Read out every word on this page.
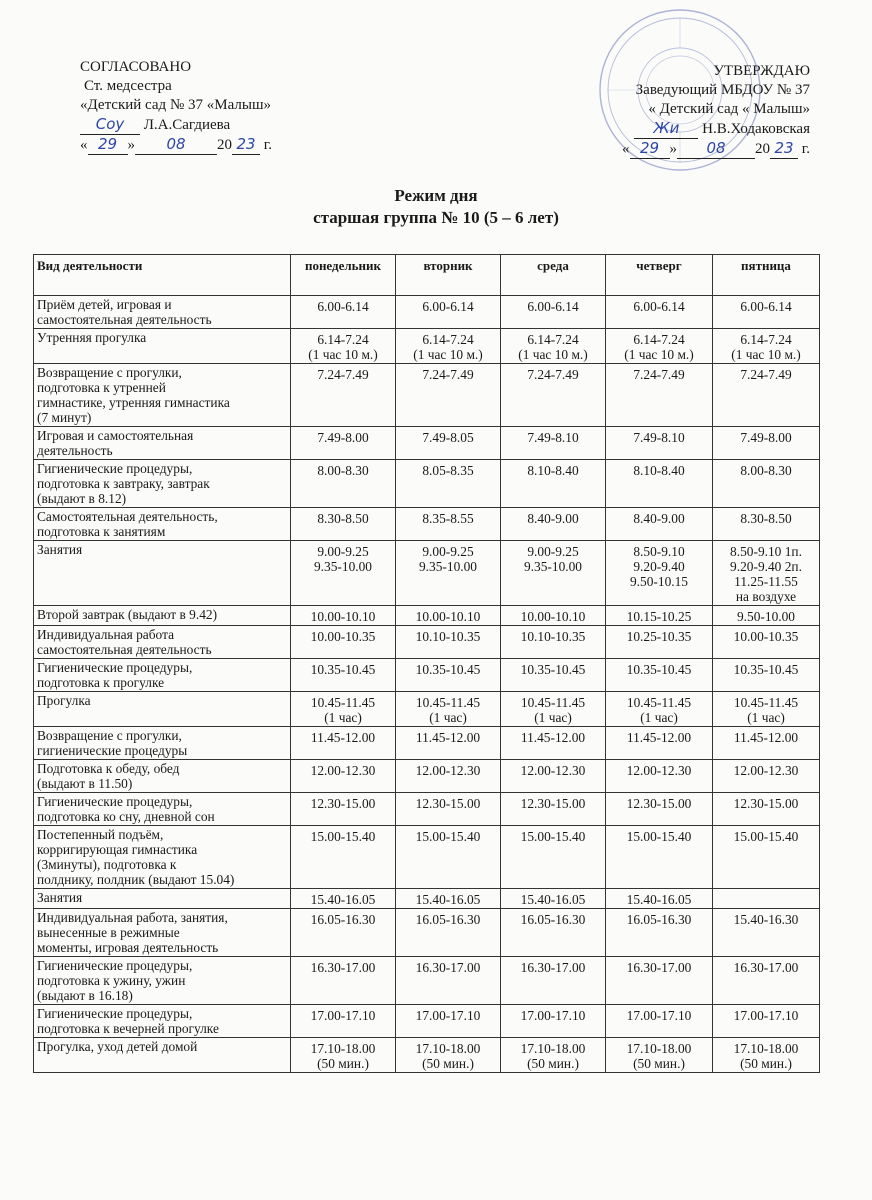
СОГЛАСОВАНО
Ст. медсестра
«Детский сад № 37 «Малыш»
Соу Л.А.Сагдиева
« 29 » 08 20 23 г.
УТВЕРЖДАЮ
Заведующий МБДОУ № 37
« Детский сад « Малыш»
Жи Н.В.Ходаковская
« 29 » 08 20 23 г.
Режим дня
старшая группа № 10 (5 – 6 лет)
Вид деятельности	понедельник	вторник	среда	четверг	пятница

Приём детей, игровая и
самостоятельная деятельность	6.00-6.14	6.00-6.14	6.00-6.14	6.00-6.14	6.00-6.14

Утренняя прогулка	6.14-7.24
(1 час 10 м.)	6.14-7.24
(1 час 10 м.)	6.14-7.24
(1 час 10 м.)	6.14-7.24
(1 час 10 м.)	6.14-7.24
(1 час 10 м.)

Возвращение с прогулки,
подготовка к утренней
гимнастике, утренняя гимнастика
(7 минут)	7.24-7.49	7.24-7.49	7.24-7.49	7.24-7.49	7.24-7.49

Игровая и самостоятельная
деятельность	7.49-8.00	7.49-8.05	7.49-8.10	7.49-8.10	7.49-8.00

Гигиенические процедуры,
подготовка к завтраку, завтрак
(выдают в 8.12)	8.00-8.30	8.05-8.35	8.10-8.40	8.10-8.40	8.00-8.30

Самостоятельная деятельность,
подготовка к занятиям	8.30-8.50	8.35-8.55	8.40-9.00	8.40-9.00	8.30-8.50

Занятия	9.00-9.25
9.35-10.00	9.00-9.25
9.35-10.00	9.00-9.25
9.35-10.00	8.50-9.10
9.20-9.40
9.50-10.15	8.50-9.10 1п.
9.20-9.40 2п.
11.25-11.55
на воздухе

Второй завтрак (выдают в 9.42)	10.00-10.10	10.00-10.10	10.00-10.10	10.15-10.25	9.50-10.00

Индивидуальная работа
самостоятельная деятельность	10.00-10.35	10.10-10.35	10.10-10.35	10.25-10.35	10.00-10.35

Гигиенические процедуры,
подготовка к прогулке	10.35-10.45	10.35-10.45	10.35-10.45	10.35-10.45	10.35-10.45

Прогулка	10.45-11.45
(1 час)	10.45-11.45
(1 час)	10.45-11.45
(1 час)	10.45-11.45
(1 час)	10.45-11.45
(1 час)

Возвращение с прогулки,
гигиенические процедуры	11.45-12.00	11.45-12.00	11.45-12.00	11.45-12.00	11.45-12.00

Подготовка к обеду, обед
(выдают в 11.50)	12.00-12.30	12.00-12.30	12.00-12.30	12.00-12.30	12.00-12.30

Гигиенические процедуры,
подготовка ко сну, дневной сон	12.30-15.00	12.30-15.00	12.30-15.00	12.30-15.00	12.30-15.00

Постепенный подъём,
корригирующая гимнастика
(3минуты), подготовка к
полднику, полдник (выдают 15.04)	15.00-15.40	15.00-15.40	15.00-15.40	15.00-15.40	15.00-15.40

Занятия	15.40-16.05	15.40-16.05	15.40-16.05	15.40-16.05	

Индивидуальная работа, занятия,
вынесенные в режимные
моменты, игровая деятельность	16.05-16.30	16.05-16.30	16.05-16.30	16.05-16.30	15.40-16.30

Гигиенические процедуры,
подготовка к ужину, ужин
(выдают в 16.18)	16.30-17.00	16.30-17.00	16.30-17.00	16.30-17.00	16.30-17.00

Гигиенические процедуры,
подготовка к вечерней прогулке	17.00-17.10	17.00-17.10	17.00-17.10	17.00-17.10	17.00-17.10

Прогулка, уход детей домой	17.10-18.00
(50 мин.)	17.10-18.00
(50 мин.)	17.10-18.00
(50 мин.)	17.10-18.00
(50 мин.)	17.10-18.00
(50 мин.)
